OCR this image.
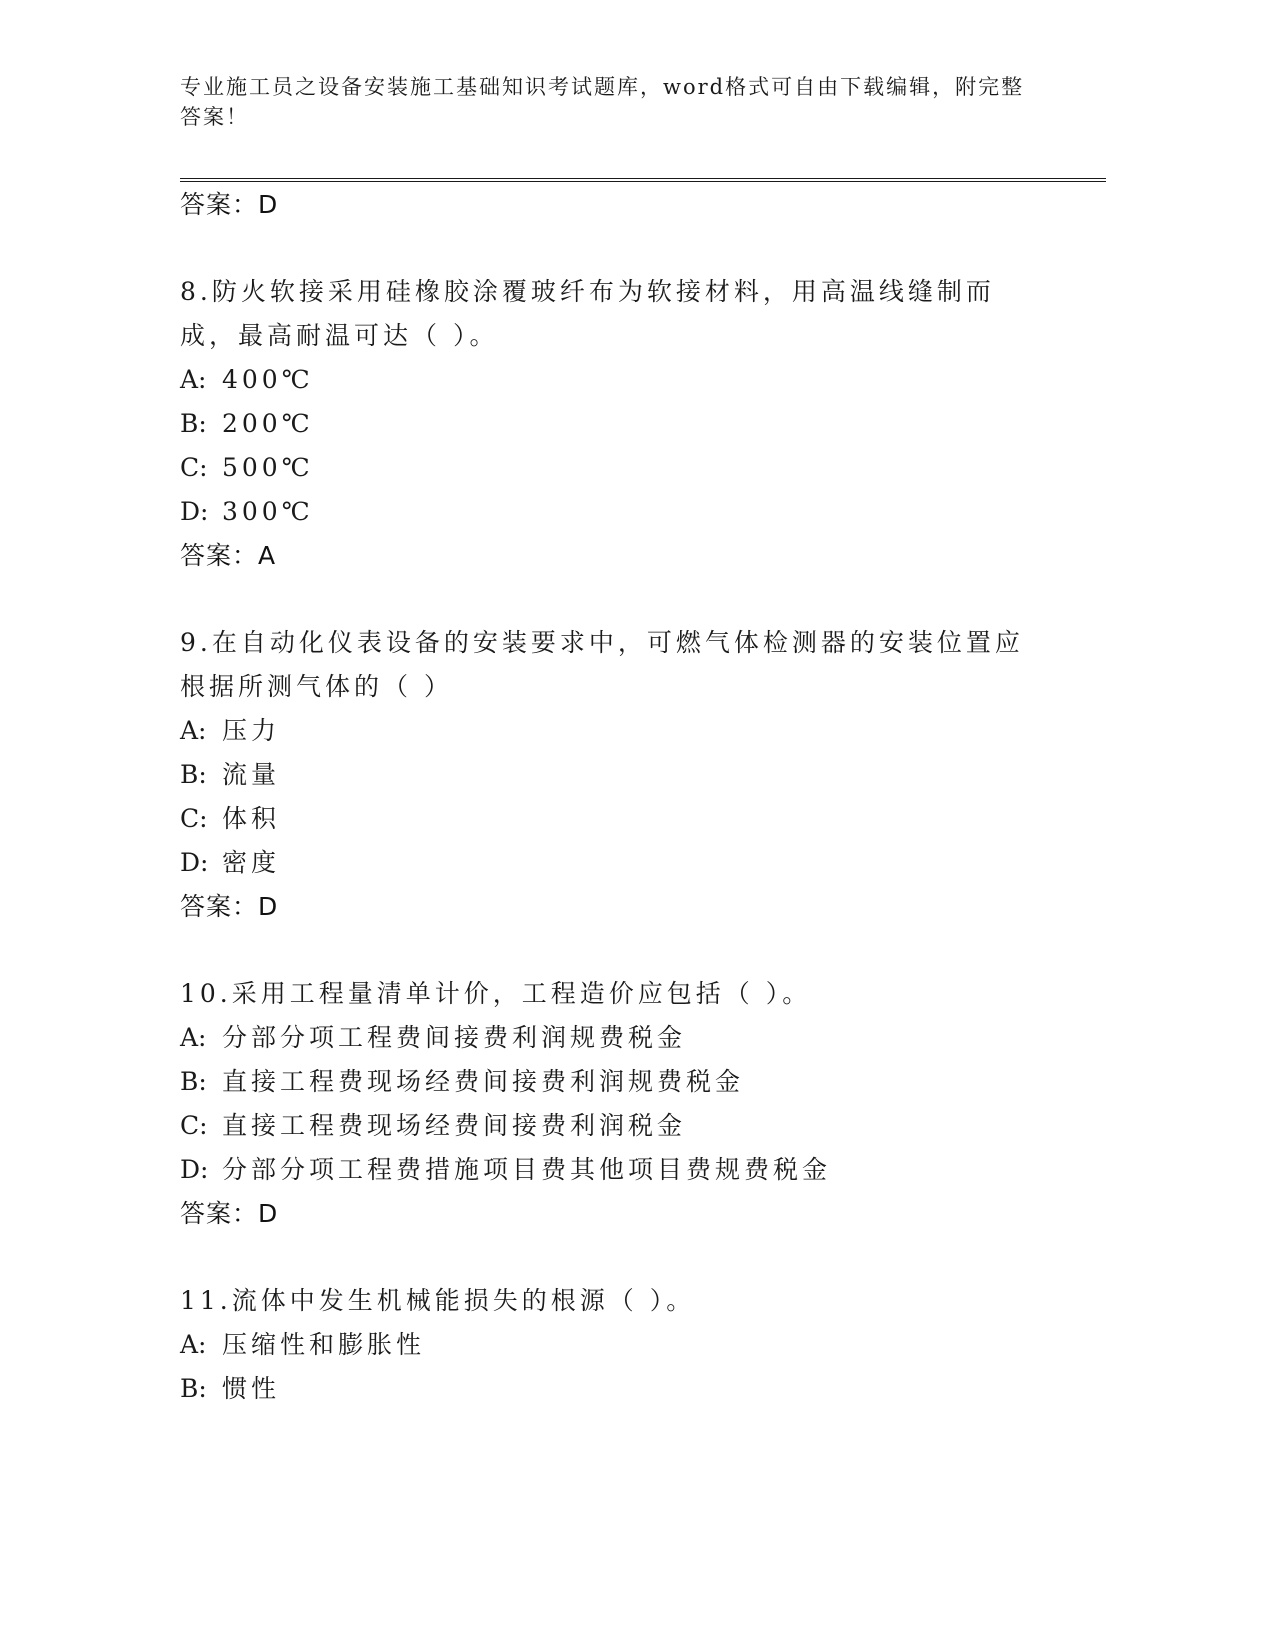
专业施工员之设备安装施工基础知识考试题库，word格式可自由下载编辑，附完整答案！
答案：D
8.防火软接采用硅橡胶涂覆玻纤布为软接材料，用高温线缝制而成，最高耐温可达（ ）。
A: 400℃
B: 200℃
C: 500℃
D: 300℃
答案：A
9.在自动化仪表设备的安装要求中，可燃气体检测器的安装位置应根据所测气体的（ ）
A: 压力
B: 流量
C: 体积
D: 密度
答案：D
10.采用工程量清单计价，工程造价应包括（ ）。
A: 分部分项工程费间接费利润规费税金
B: 直接工程费现场经费间接费利润规费税金
C: 直接工程费现场经费间接费利润税金
D: 分部分项工程费措施项目费其他项目费规费税金
答案：D
11.流体中发生机械能损失的根源（ ）。
A: 压缩性和膨胀性
B: 惯性
